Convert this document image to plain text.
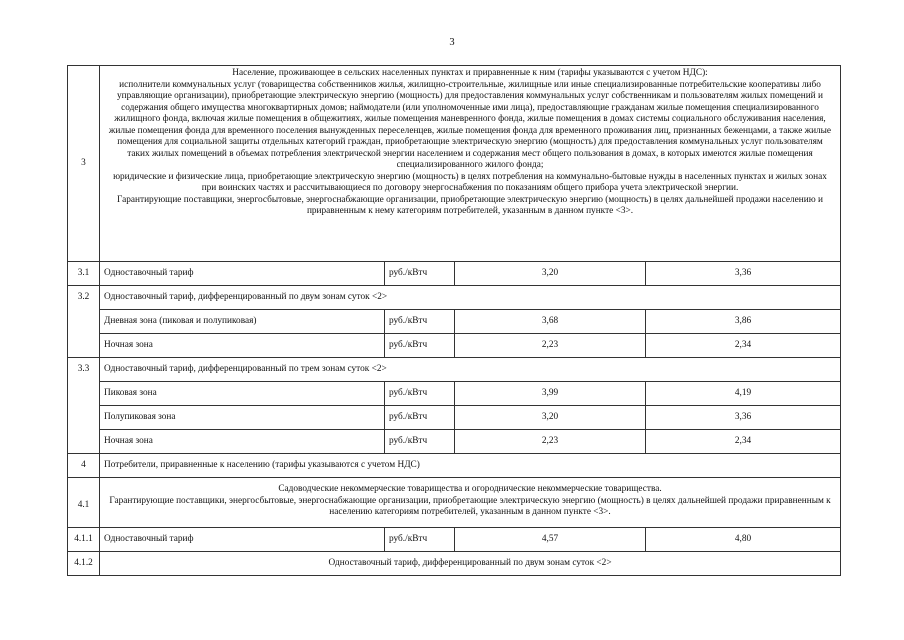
3
3	Население, проживающее в сельских населенных пунктах и приравненные к ним (тарифы указываются с учетом НДС):
исполнители коммунальных услуг (товарищества собственников жилья, жилищно-строительные, жилищные или иные специализированные потребительские кооперативы либо управляющие организации), приобретающие электрическую энергию (мощность) для предоставления коммунальных услуг собственникам и пользователям жилых помещений и содержания общего имущества многоквартирных домов; наймодатели (или уполномоченные ими лица), предоставляющие гражданам жилые помещения специализированного жилищного фонда, включая жилые помещения в общежитиях, жилые помещения маневренного фонда, жилые помещения в домах системы социального обслуживания населения, жилые помещения фонда для временного поселения вынужденных переселенцев, жилые помещения фонда для временного проживания лиц, признанных беженцами, а также жилые помещения для социальной защиты отдельных категорий граждан, приобретающие электрическую энергию (мощность) для предоставления коммунальных услуг пользователям таких жилых помещений в объемах потребления электрической энергии населением и содержания мест общего пользования в домах, в которых имеются жилые помещения специализированного жилого фонда;
юридические и физические лица, приобретающие электрическую энергию (мощность) в целях потребления на коммунально-бытовые нужды в населенных пунктах и жилых зонах при воинских частях и рассчитывающиеся по договору энергоснабжения по показаниям общего прибора учета электрической энергии.
Гарантирующие поставщики, энергосбытовые, энергоснабжающие организации, приобретающие электрическую энергию (мощность) в целях дальнейшей продажи населению и приравненным к нему категориям потребителей, указанным в данном пункте <3>.			

3.1	Одноставочный тариф	руб./кВтч	3,20	3,36
3.2	Одноставочный тариф, дифференцированный по двум зонам суток <2>			
	Дневная зона (пиковая и полупиковая)	руб./кВтч	3,68	3,86
	Ночная зона	руб./кВтч	2,23	2,34
3.3	Одноставочный тариф, дифференцированный по трем зонам суток <2>			
	Пиковая зона	руб./кВтч	3,99	4,19
	Полупиковая зона	руб./кВтч	3,20	3,36
	Ночная зона	руб./кВтч	2,23	2,34
4	Потребители, приравненные к населению (тарифы указываются с учетом НДС)			
4.1	Садоводческие некоммерческие товарищества и огороднические некоммерческие товарищества.
Гарантирующие поставщики, энергосбытовые, энергоснабжающие организации, приобретающие электрическую энергию (мощность) в целях дальнейшей продажи приравненным к населению категориям потребителей, указанным в данном пункте <3>.			

4.1.1	Одноставочный тариф	руб./кВтч	4,57	4,80
4.1.2	Одноставочный тариф, дифференцированный по двум зонам суток <2>			
